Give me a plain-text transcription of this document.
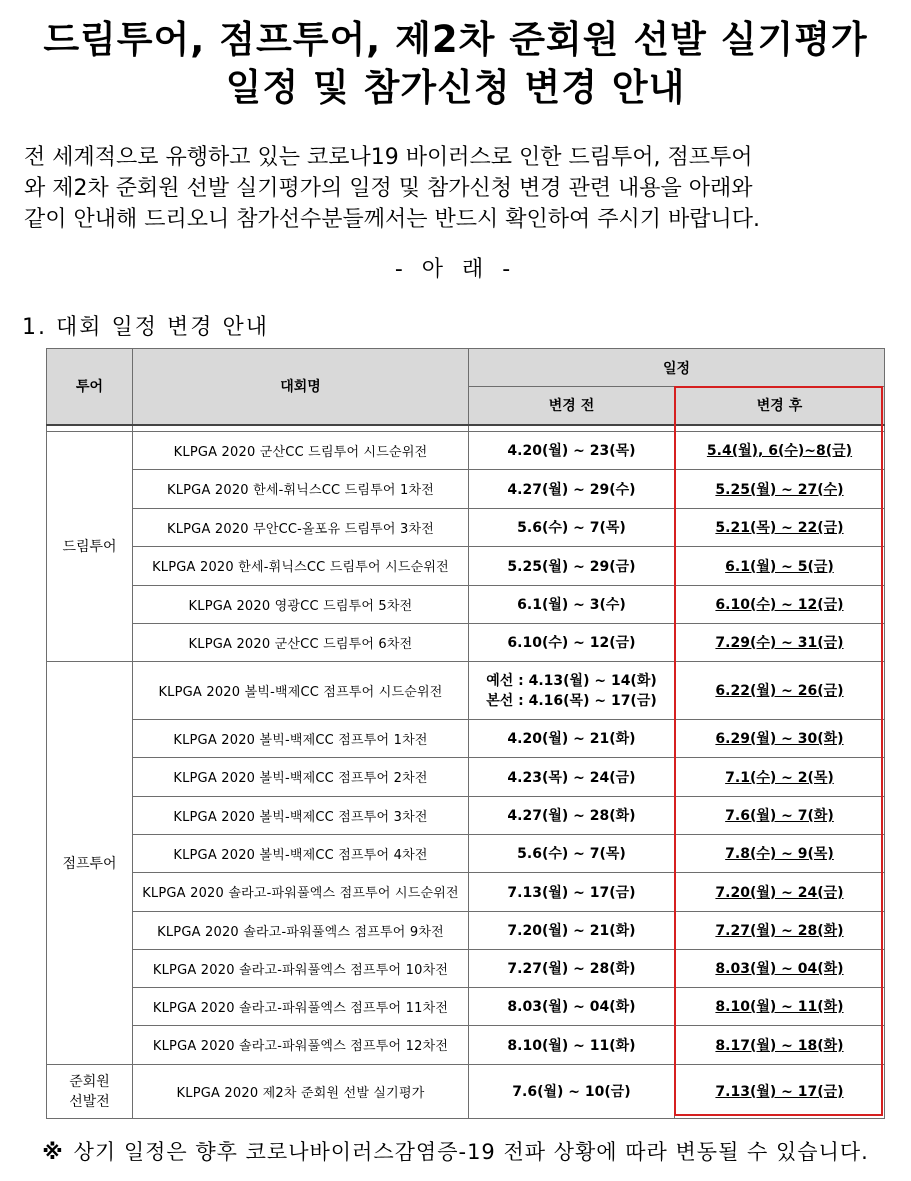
드림투어, 점프투어, 제2차 준회원 선발 실기평가
일정 및 참가신청 변경 안내
전 세계적으로 유행하고 있는 코로나19 바이러스로 인한 드림투어, 점프투어
와 제2차 준회원 선발 실기평가의 일정 및 참가신청 변경 관련 내용을 아래와
같이 안내해 드리오니 참가선수분들께서는 반드시 확인하여 주시기 바랍니다.
- 아 래 -
1. 대회 일정 변경 안내
투어	대회명	일정	
		변경 전	변경 후

드림투어	KLPGA 2020 군산CC 드림투어 시드순위전	4.20(월) ~ 23(목)	5.4(월), 6(수)~8(금)
	KLPGA 2020 한세-휘닉스CC 드림투어 1차전	4.27(월) ~ 29(수)	5.25(월) ~ 27(수)
	KLPGA 2020 무안CC-올포유 드림투어 3차전	5.6(수) ~ 7(목)	5.21(목) ~ 22(금)
	KLPGA 2020 한세-휘닉스CC 드림투어 시드순위전	5.25(월) ~ 29(금)	6.1(월) ~ 5(금)
	KLPGA 2020 영광CC 드림투어 5차전	6.1(월) ~ 3(수)	6.10(수) ~ 12(금)
	KLPGA 2020 군산CC 드림투어 6차전	6.10(수) ~ 12(금)	7.29(수) ~ 31(금)
점프투어	KLPGA 2020 볼빅-백제CC 점프투어 시드순위전	예선 : 4.13(월) ~ 14(화)
본선 : 4.16(목) ~ 17(금)	6.22(월) ~ 26(금)
	KLPGA 2020 볼빅-백제CC 점프투어 1차전	4.20(월) ~ 21(화)	6.29(월) ~ 30(화)
	KLPGA 2020 볼빅-백제CC 점프투어 2차전	4.23(목) ~ 24(금)	7.1(수) ~ 2(목)
	KLPGA 2020 볼빅-백제CC 점프투어 3차전	4.27(월) ~ 28(화)	7.6(월) ~ 7(화)
	KLPGA 2020 볼빅-백제CC 점프투어 4차전	5.6(수) ~ 7(목)	7.8(수) ~ 9(목)
	KLPGA 2020 솔라고-파워풀엑스 점프투어 시드순위전	7.13(월) ~ 17(금)	7.20(월) ~ 24(금)
	KLPGA 2020 솔라고-파워풀엑스 점프투어 9차전	7.20(월) ~ 21(화)	7.27(월) ~ 28(화)
	KLPGA 2020 솔라고-파워풀엑스 점프투어 10차전	7.27(월) ~ 28(화)	8.03(월) ~ 04(화)
	KLPGA 2020 솔라고-파워풀엑스 점프투어 11차전	8.03(월) ~ 04(화)	8.10(월) ~ 11(화)
	KLPGA 2020 솔라고-파워풀엑스 점프투어 12차전	8.10(월) ~ 11(화)	8.17(월) ~ 18(화)

준회원
선발전	KLPGA 2020 제2차 준회원 선발 실기평가	7.6(월) ~ 10(금)	7.13(월) ~ 17(금)
※ 상기 일정은 향후 코로나바이러스감염증-19 전파 상황에 따라 변동될 수 있습니다.
